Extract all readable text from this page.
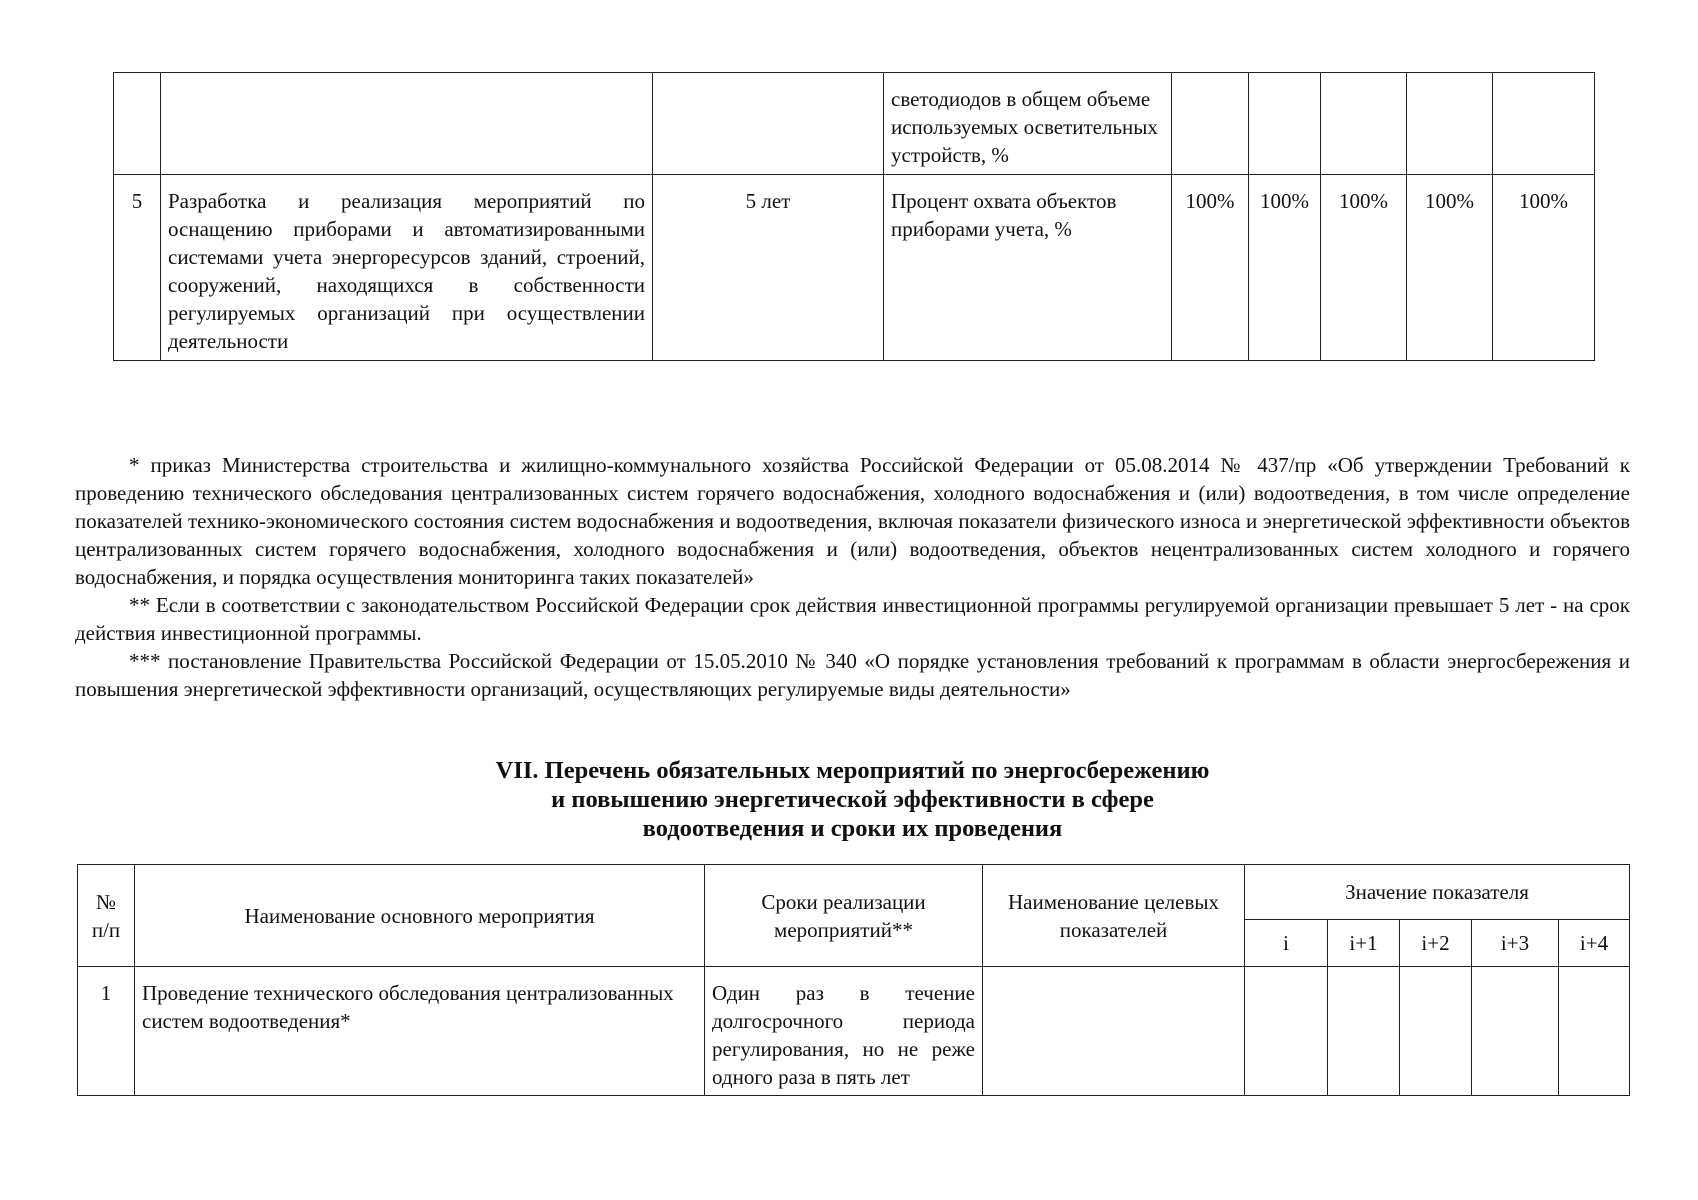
			светодиодов в общем объеме используемых осветительных устройств, %					
5	Разработка и реализация мероприятий по оснащению приборами и автоматизированными системами учета энергоресурсов зданий, строений, сооружений, находящихся в собственности регулируемых организаций при осуществлении деятельности	5 лет	Процент охвата объектов приборами учета, %	100%	100%	100%	100%	100%

* приказ Министерства строительства и жилищно-коммунального хозяйства Российской Федерации от 05.08.2014 № 437/пр «Об утверждении Требований к проведению технического обследования централизованных систем горячего водоснабжения, холодного водоснабжения и (или) водоотведения, в том числе определение показателей технико-экономического состояния систем водоснабжения и водоотведения, включая показатели физического износа и энергетической эффективности объектов централизованных систем горячего водоснабжения, холодного водоснабжения и (или) водоотведения, объектов нецентрализованных систем холодного и горячего водоснабжения, и порядка осуществления мониторинга таких показателей»

** Если в соответствии с законодательством Российской Федерации срок действия инвестиционной программы регулируемой организации превышает 5 лет - на срок действия инвестиционной программы.

*** постановление Правительства Российской Федерации от 15.05.2010 № 340 «О порядке установления требований к программам в области энергосбережения и повышения энергетической эффективности организаций, осуществляющих регулируемые виды деятельности»

VII. Перечень обязательных мероприятий по энергосбережению
и повышению энергетической эффективности в сфере
водоотведения и сроки их проведения
№ п/п	Наименование основного мероприятия	Сроки реализации мероприятий**	Наименование целевых показателей	Значение показателя				
				i	i+1	i+2	i+3	i+4
1	Проведение технического обследования централизованных систем водоотведения*	Один раз в течение долгосрочного периода регулирования, но не реже одного раза в пять лет						
